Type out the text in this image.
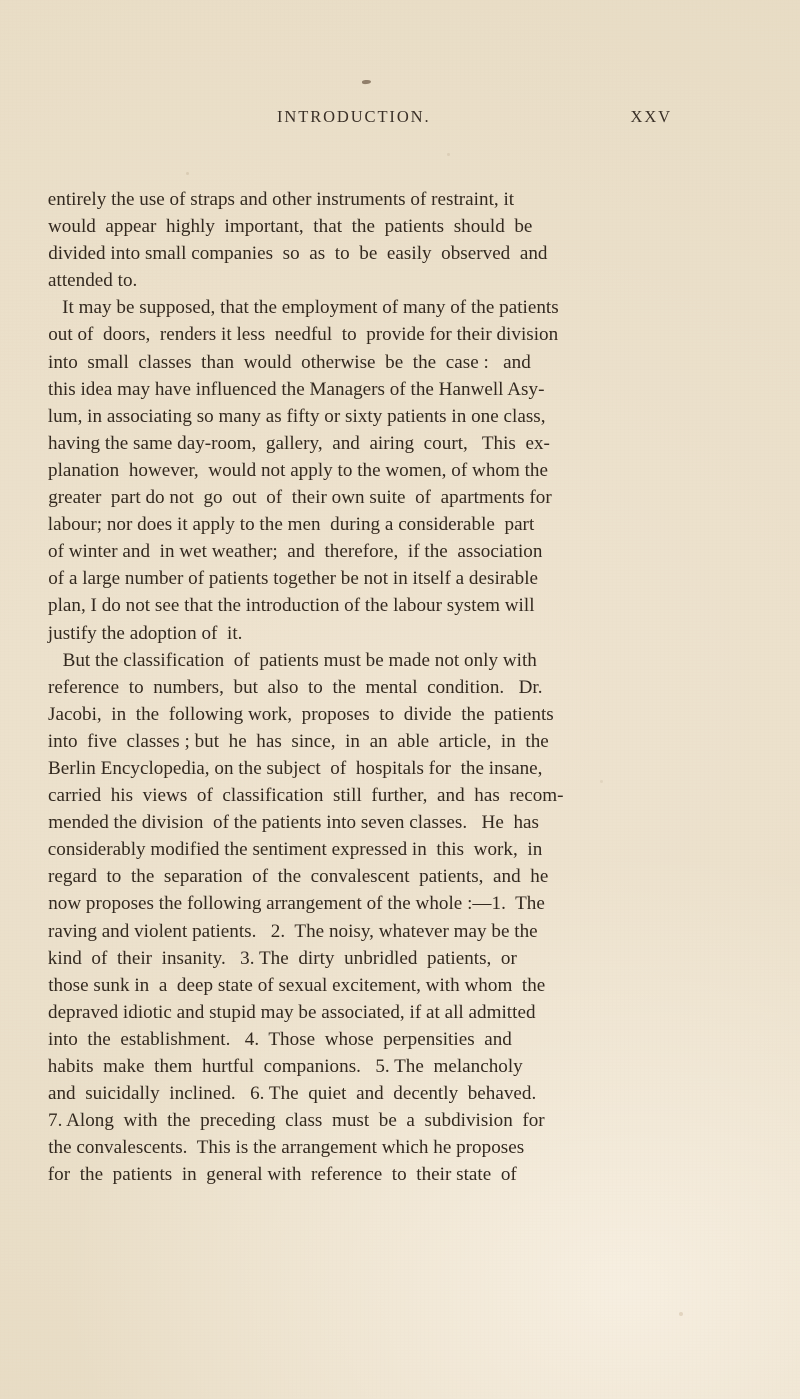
INTRODUCTION.	XXV
entirely the use of straps and other instruments of restraint, it
would  appear  highly  important,  that  the  patients  should  be
divided into small companies  so  as  to  be  easily  observed  and
attended to.
It may be supposed, that the employment of many of the patients
out of  doors,  renders it less  needful  to  provide for their division
into  small  classes  than  would  otherwise  be  the  case :   and
this idea may have influenced the Managers of the Hanwell Asy-
lum, in associating so many as fifty or sixty patients in one class,
having the same day-room,  gallery,  and  airing  court,   This  ex-
planation  however,  would not apply to the women, of whom the
greater  part do not  go  out  of  their own suite  of  apartments for
labour; nor does it apply to the men  during a considerable  part
of winter and  in wet weather;  and  therefore,  if the  association
of a large number of patients together be not in itself a desirable
plan, I do not see that the introduction of the labour system will
justify the adoption of  it.
But the classification  of  patients must be made not only with
reference  to  numbers,  but  also  to  the  mental  condition.   Dr.
Jacobi,  in  the  following work,  proposes  to  divide  the  patients
into  five  classes ; but  he  has  since,  in  an  able  article,  in  the
Berlin Encyclopedia, on the subject  of  hospitals for  the insane,
carried  his  views  of  classification  still  further,  and  has  recom-
mended the division  of the patients into seven classes.   He  has
considerably modified the sentiment expressed in  this  work,  in
regard  to  the  separation  of  the  convalescent  patients,  and  he
now proposes the following arrangement of the whole :—1.  The
raving and violent patients.   2.  The noisy, whatever may be the
kind  of  their  insanity.   3. The  dirty  unbridled  patients,  or
those sunk in  a  deep state of sexual excitement, with whom  the
depraved idiotic and stupid may be associated, if at all admitted
into  the  establishment.   4.  Those  whose  perpensities  and
habits  make  them  hurtful  companions.   5. The  melancholy
and  suicidally  inclined.   6. The  quiet  and  decently  behaved.
7. Along  with  the  preceding  class  must  be  a  subdivision  for
the convalescents.  This is the arrangement which he proposes
for  the  patients  in  general with  reference  to  their state  of
